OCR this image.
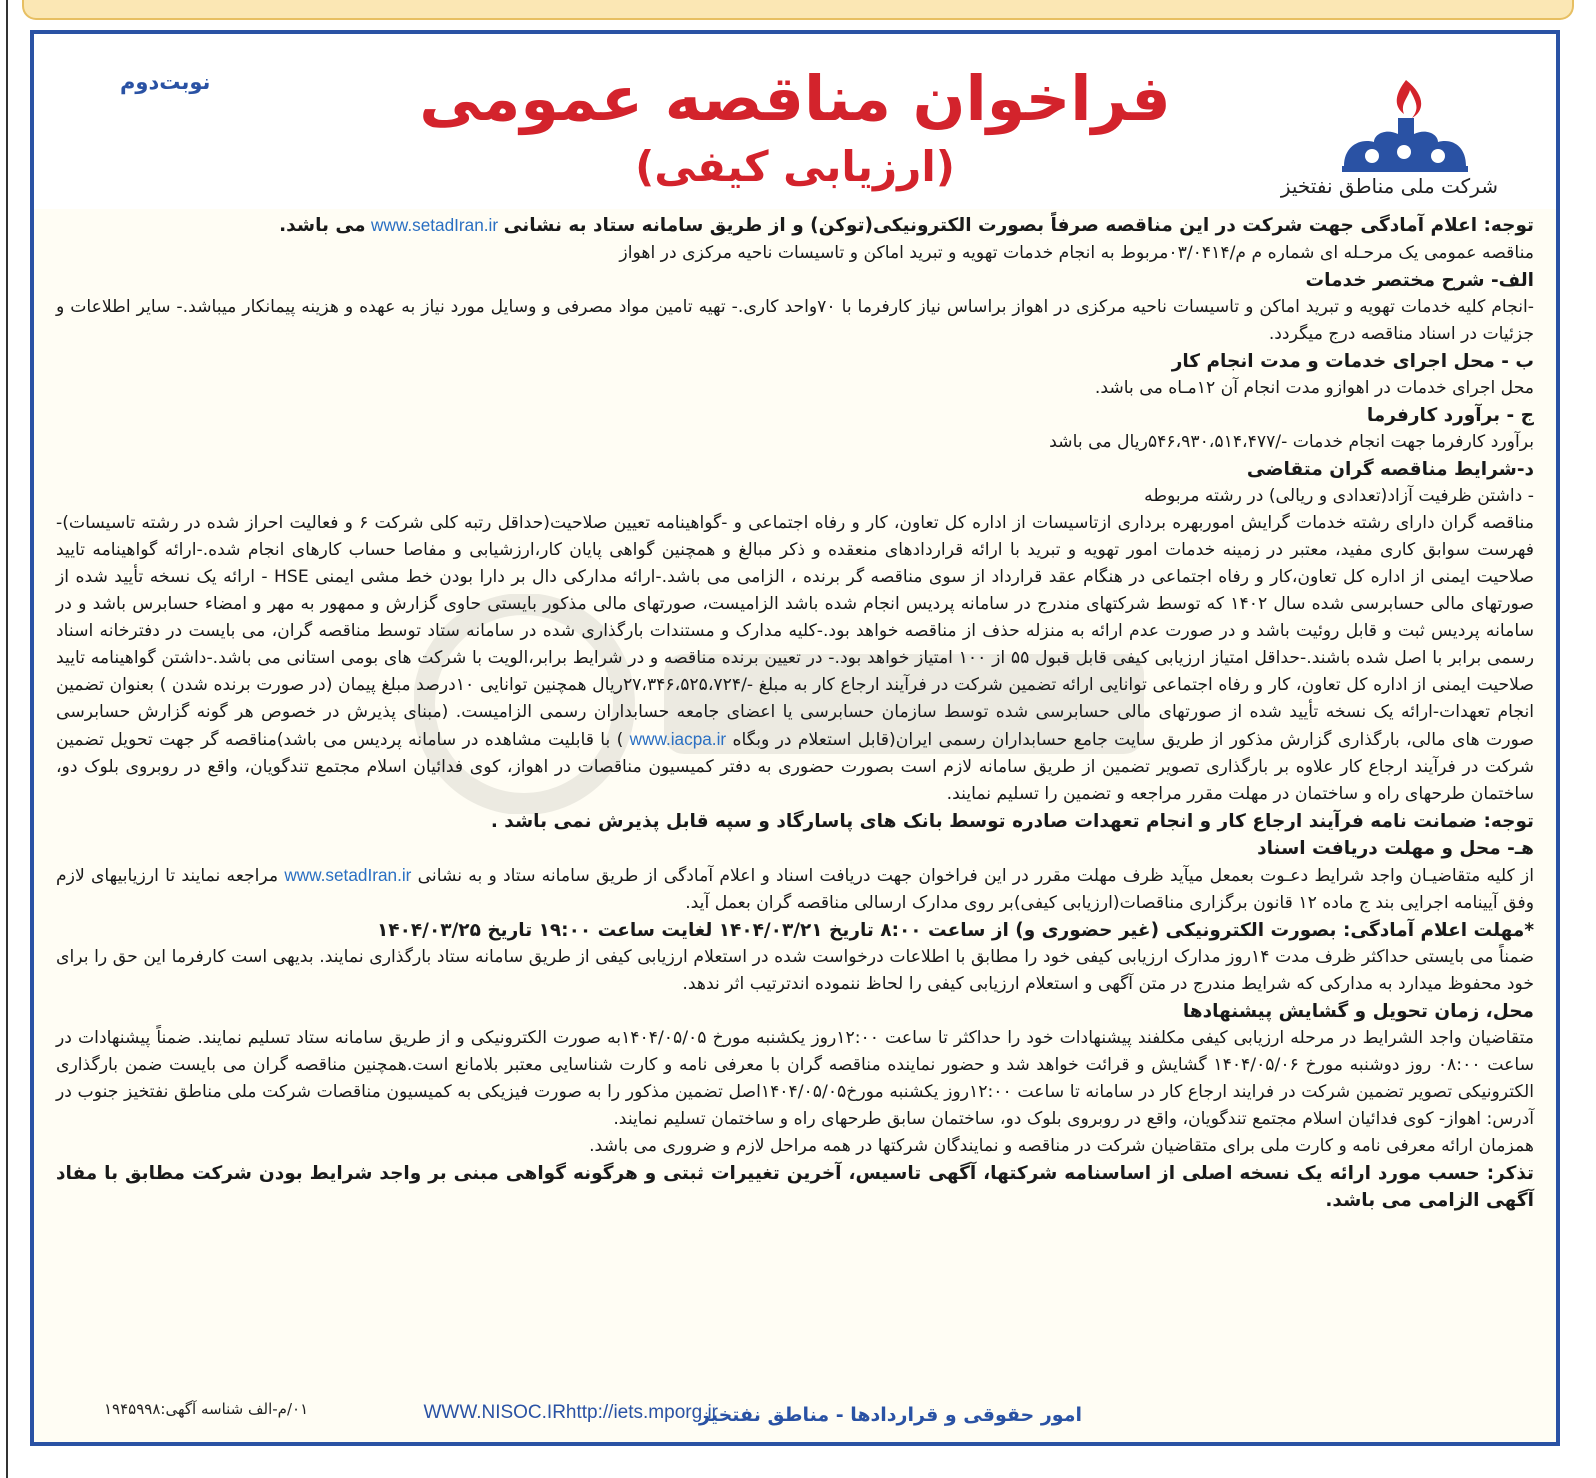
نوبت‌دوم	فراخوان مناقصه عمومی
(ارزیابی کیفی)	شرکت ملی مناطق نفتخیز

توجه: اعلام آمادگی جهت شرکت در این مناقصه صرفاً بصورت الکترونیکی(توکن) و از طریق سامانه ستاد به نشانی www.setadIran.ir می باشد.

مناقصه عمومی یک مرحـله ای شماره م م/۰۳/۰۴۱۴مربوط به انجام خدمات تهویه و تبرید اماکن و تاسیسات ناحیه مرکزی در اهواز

الف- شرح مختصر خدمات

-انجام کلیه خدمات تهویه و تبرید اماکن و تاسیسات ناحیه مرکزی در اهواز براساس نیاز کارفرما با ۷۰واحد کاری.- تهیه تامین مواد مصرفی و وسایل مورد نیاز به عهده و هزینه پیمانکار میباشد.- سایر اطلاعات و جزئیات در اسناد مناقصه درج میگردد.

ب - محل اجرای خدمات و مدت انجام کار

محل اجرای خدمات در اهوازو مدت انجام آن ۱۲مـاه می باشد.

ج - برآورد کارفرما

برآورد کارفرما جهت انجام خدمات -/۵۴۶،۹۳۰،۵۱۴،۴۷۷ریال می باشد

د-شرایط مناقصه گران متقاضی

- داشتن ظرفیت آزاد(تعدادی و ریالی) در رشته مربوطه

مناقصه گران دارای رشته خدمات گرایش اموربهره برداری ازتاسیسات از اداره کل تعاون، کار و رفاه اجتماعی و -گواهینامه تعیین صلاحیت(حداقل رتبه کلی شرکت ۶ و فعالیت احراز شده در رشته تاسیسات)-فهرست سوابق کاری مفید، معتبر در زمینه خدمات امور تهویه و تبرید با ارائه قراردادهای منعقده و ذکر مبالغ و همچنین گواهی پایان کار،ارزشیابی و مفاصا حساب کارهای انجام شده.-ارائه گواهینامه تایید صلاحیت ایمنی از اداره کل تعاون،کار و رفاه اجتماعی در هنگام عقد قرارداد از سوی مناقصه گر برنده ، الزامی می باشد.-ارائه مدارکی دال بر دارا بودن خط مشی ایمنی HSE - ارائه یک نسخه تأیید شده از صورتهای مالی حسابرسی شده سال ۱۴۰۲ که توسط شرکتهای مندرج در سامانه پردیس انجام شده باشد الزامیست، صورتهای مالی مذکور بایستی حاوی گزارش و ممهور به مهر و امضاء حسابرس باشد و در سامانه پردیس ثبت و قابل روئیت باشد و در صورت عدم ارائه به منزله حذف از مناقصه خواهد بود.-کلیه مدارک و مستندات بارگذاری شده در سامانه ستاد توسط مناقصه گران، می بایست در دفترخانه اسناد رسمی برابر با اصل شده باشند.-حداقل امتیاز ارزیابی کیفی قابل قبول ۵۵ از ۱۰۰ امتیاز خواهد بود.- در تعیین برنده مناقصه و در شرایط برابر،الویت با شرکت های بومی استانی می باشد.-داشتن گواهینامه تایید صلاحیت ایمنی از اداره کل تعاون، کار و رفاه اجتماعی توانایی ارائه تضمین شرکت در فرآیند ارجاع کار به مبلغ -/۲۷،۳۴۶،۵۲۵،۷۲۴ریال همچنین توانایی ۱۰درصد مبلغ پیمان (در صورت برنده شدن ) بعنوان تضمین انجام تعهدات-ارائه یک نسخه تأیید شده از صورتهای مالی حسابرسی شده توسط سازمان حسابرسی یا اعضای جامعه حسابداران رسمی الزامیست. (مبنای پذیرش در خصوص هر گونه گزارش حسابرسی صورت های مالی، بارگذاری گزارش مذکور از طریق سایت جامع حسابداران رسمی ایران(قابل استعلام در وبگاه www.iacpa.ir ) با قابلیت مشاهده در سامانه پردیس می باشد)مناقصه گر جهت تحویل تضمین شرکت در فرآیند ارجاع کار علاوه بر بارگذاری تصویر تضمین از طریق سامانه لازم است بصورت حضوری به دفتر کمیسیون مناقصات در اهواز، کوی فدائیان اسلام مجتمع تندگویان، واقع در روبروی بلوک دو، ساختمان طرحهای راه و ساختمان در مهلت مقرر مراجعه و تضمین را تسلیم نمایند.

توجه: ضمانت نامه فرآیند ارجاع کار و انجام تعهدات صادره توسط بانک های پاسارگاد و سپه قابل پذیرش نمی باشد .

هـ- محل و مهلت دریافت اسناد

از کلیه متقاضیـان واجد شرایط دعـوت بعمعل میآید ظرف مهلت مقرر در این فراخوان جهت دریافت اسناد و اعلام آمادگی از طریق سامانه ستاد و به نشانی www.setadIran.ir مراجعه نمایند تا ارزیابیهای لازم وفق آیینامه اجرایی بند ج ماده ۱۲ قانون برگزاری مناقصات(ارزیابی کیفی)بر روی مدارک ارسالی مناقصه گران بعمل آید.

*مهلت اعلام آمادگی: بصورت الکترونیکی (غیر حضوری و) از ساعت ۸:۰۰ تاریخ ۱۴۰۴/۰۳/۲۱ لغایت ساعت ۱۹:۰۰ تاریخ ۱۴۰۴/۰۳/۲۵

ضمناً می بایستی حداکثر ظرف مدت ۱۴روز مدارک ارزیابی کیفی خود را مطابق با اطلاعات درخواست شده در استعلام ارزیابی کیفی از طریق سامانه ستاد بارگذاری نمایند. بدیهی است کارفرما این حق را برای خود محفوظ میدارد به مدارکی که شرایط مندرج در متن آگهی و استعلام ارزیابی کیفی را لحاظ ننموده اندترتیب اثر ندهد.

محل، زمان تحویل و گشایش پیشنهادها

متقاضیان واجد الشرایط در مرحله ارزیابی کیفی مکلفند پیشنهادات خود را حداکثر تا ساعت ۱۲:۰۰روز یکشنبه مورخ ۱۴۰۴/۰۵/۰۵به صورت الکترونیکی و از طریق سامانه ستاد تسلیم نمایند. ضمناً پیشنهادات در ساعت ۰۸:۰۰ روز دوشنبه مورخ ۱۴۰۴/۰۵/۰۶ گشایش و قرائت خواهد شد و حضور نماینده مناقصه گران با معرفی نامه و کارت شناسایی معتبر بلامانع است.همچنین مناقصه گران می بایست ضمن بارگذاری الکترونیکی تصویر تضمین شرکت در فرایند ارجاع کار در سامانه تا ساعت ۱۲:۰۰روز یکشنبه مورخ۱۴۰۴/۰۵/۰۵اصل تضمین مذکور را به صورت فیزیکی به کمیسیون مناقصات شرکت ملی مناطق نفتخیز جنوب در آدرس: اهواز- کوی فدائیان اسلام مجتمع تندگویان، واقع در روبروی بلوک دو، ساختمان سابق طرحهای راه و ساختمان تسلیم نمایند.

همزمان ارائه معرفی نامه و کارت ملی برای متقاضیان شرکت در مناقصه و نمایندگان شرکتها در همه مراحل لازم و ضروری می باشد.

تذکر: حسب مورد ارائه یک نسخه اصلی از اساسنامه شرکتها، آگهی تاسیس، آخرین تغییرات ثبتی و هرگونه گواهی مبنی بر واجد شرایط بودن شرکت مطابق با مفاد آگهی الزامی می باشد.

امور حقوقی و قراردادها - مناطق نفتخیز
WWW.NISOC.IRhttp://iets.mporg.ir
۰۱/م-الف شناسه آگهی:۱۹۴۵۹۹۸
